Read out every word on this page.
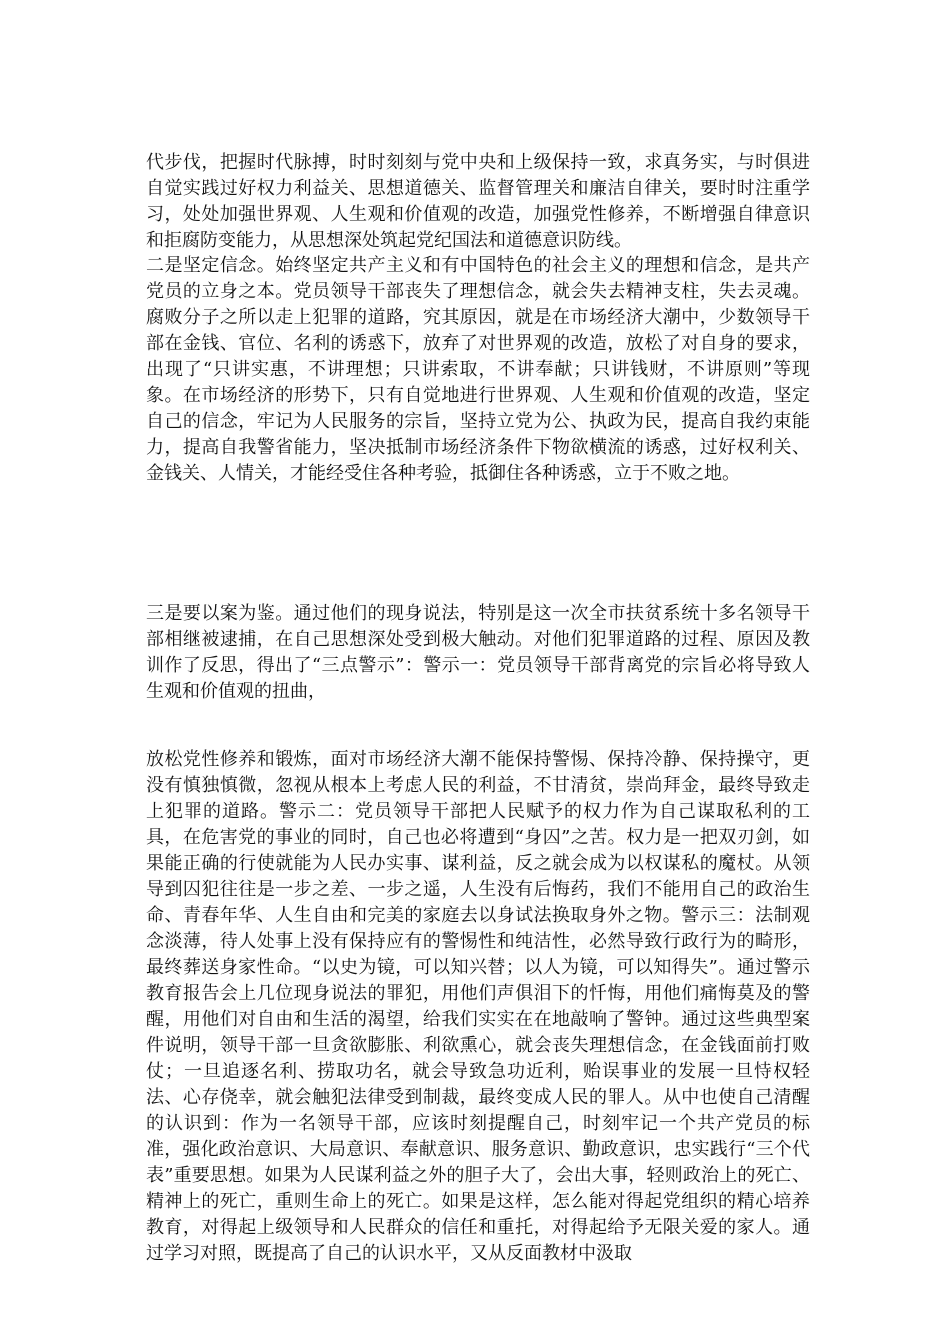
代步伐，把握时代脉搏，时时刻刻与党中央和上级保持一致，求真务实，与时俱进自觉实践过好权力利益关、思想道德关、监督管理关和廉洁自律关，要时时注重学习，处处加强世界观、人生观和价值观的改造，加强党性修养，不断增强自律意识和拒腐防变能力，从思想深处筑起党纪国法和道德意识防线。

二是坚定信念。始终坚定共产主义和有中国特色的社会主义的理想和信念，是共产党员的立身之本。党员领导干部丧失了理想信念，就会失去精神支柱，失去灵魂。腐败分子之所以走上犯罪的道路，究其原因，就是在市场经济大潮中，少数领导干部在金钱、官位、名利的诱惑下，放弃了对世界观的改造，放松了对自身的要求，出现了“只讲实惠，不讲理想；只讲索取，不讲奉献；只讲钱财，不讲原则”等现象。在市场经济的形势下，只有自觉地进行世界观、人生观和价值观的改造，坚定自己的信念，牢记为人民服务的宗旨，坚持立党为公、执政为民，提高自我约束能力，提高自我警省能力，坚决抵制市场经济条件下物欲横流的诱惑，过好权利关、金钱关、人情关，才能经受住各种考验，抵御住各种诱惑，立于不败之地。

三是要以案为鉴。通过他们的现身说法，特别是这一次全市扶贫系统十多名领导干部相继被逮捕，在自己思想深处受到极大触动。对他们犯罪道路的过程、原因及教训作了反思，得出了“三点警示”：警示一：党员领导干部背离党的宗旨必将导致人生观和价值观的扭曲，

放松党性修养和锻炼，面对市场经济大潮不能保持警惕、保持冷静、保持操守，更没有慎独慎微，忽视从根本上考虑人民的利益，不甘清贫，崇尚拜金，最终导致走上犯罪的道路。警示二：党员领导干部把人民赋予的权力作为自己谋取私利的工具，在危害党的事业的同时，自己也必将遭到“身囚”之苦。权力是一把双刃剑，如果能正确的行使就能为人民办实事、谋利益，反之就会成为以权谋私的魔杖。从领导到囚犯往往是一步之差、一步之遥，人生没有后悔药，我们不能用自己的政治生命、青春年华、人生自由和完美的家庭去以身试法换取身外之物。警示三：法制观念淡薄，待人处事上没有保持应有的警惕性和纯洁性，必然导致行政行为的畸形，最终葬送身家性命。“以史为镜，可以知兴替；以人为镜，可以知得失”。通过警示教育报告会上几位现身说法的罪犯，用他们声俱泪下的忏悔，用他们痛悔莫及的警醒，用他们对自由和生活的渴望，给我们实实在在地敲响了警钟。通过这些典型案件说明，领导干部一旦贪欲膨胀、利欲熏心，就会丧失理想信念，在金钱面前打败仗；一旦追逐名利、捞取功名，就会导致急功近利，贻误事业的发展一旦恃权轻法、心存侥幸，就会触犯法律受到制裁，最终变成人民的罪人。从中也使自己清醒的认识到：作为一名领导干部，应该时刻提醒自己，时刻牢记一个共产党员的标准，强化政治意识、大局意识、奉献意识、服务意识、勤政意识，忠实践行“三个代表”重要思想。如果为人民谋利益之外的胆子大了，会出大事，轻则政治上的死亡、精神上的死亡，重则生命上的死亡。如果是这样，怎么能对得起党组织的精心培养教育，对得起上级领导和人民群众的信任和重托，对得起给予无限关爱的家人。通过学习对照，既提高了自己的认识水平，又从反面教材中汲取
